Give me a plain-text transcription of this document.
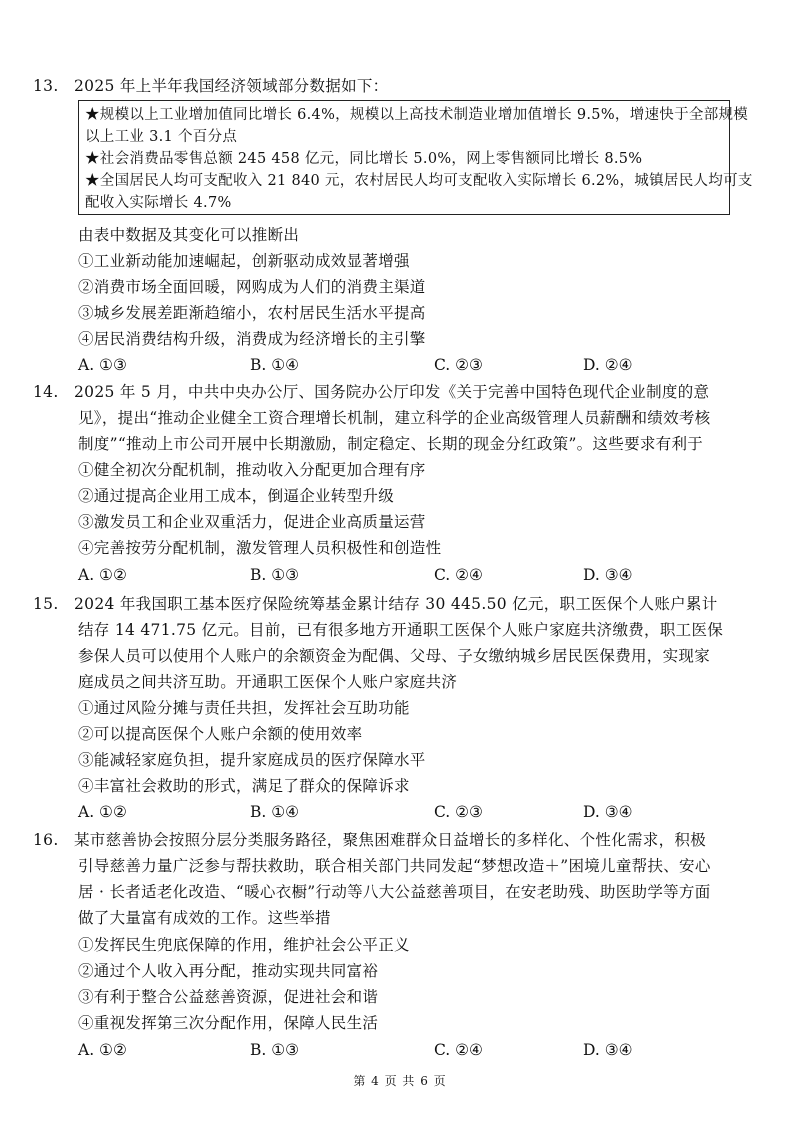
13. 2025 年上半年我国经济领域部分数据如下：
★规模以上工业增加值同比增长 6.4%，规模以上高技术制造业增加值增长 9.5%，增速快于全部规模
以上工业 3.1 个百分点
★社会消费品零售总额 245 458 亿元，同比增长 5.0%，网上零售额同比增长 8.5%
★全国居民人均可支配收入 21 840 元，农村居民人均可支配收入实际增长 6.2%，城镇居民人均可支
配收入实际增长 4.7%
由表中数据及其变化可以推断出
①工业新动能加速崛起，创新驱动成效显著增强
②消费市场全面回暖，网购成为人们的消费主渠道
③城乡发展差距渐趋缩小，农村居民生活水平提高
④居民消费结构升级，消费成为经济增长的主引擎
A. ①③	B. ①④	C. ②③	D. ②④
14. 2025 年 5 月，中共中央办公厅、国务院办公厅印发《关于完善中国特色现代企业制度的意
见》，提出“推动企业健全工资合理增长机制，建立科学的企业高级管理人员薪酬和绩效考核
制度”“推动上市公司开展中长期激励，制定稳定、长期的现金分红政策”。这些要求有利于
①健全初次分配机制，推动收入分配更加合理有序
②通过提高企业用工成本，倒逼企业转型升级
③激发员工和企业双重活力，促进企业高质量运营
④完善按劳分配机制，激发管理人员积极性和创造性
A. ①②	B. ①③	C. ②④	D. ③④
15. 2024 年我国职工基本医疗保险统筹基金累计结存 30 445.50 亿元，职工医保个人账户累计
结存 14 471.75 亿元。目前，已有很多地方开通职工医保个人账户家庭共济缴费，职工医保
参保人员可以使用个人账户的余额资金为配偶、父母、子女缴纳城乡居民医保费用，实现家
庭成员之间共济互助。开通职工医保个人账户家庭共济
①通过风险分摊与责任共担，发挥社会互助功能
②可以提高医保个人账户余额的使用效率
③能减轻家庭负担，提升家庭成员的医疗保障水平
④丰富社会救助的形式，满足了群众的保障诉求
A. ①②	B. ①④	C. ②③	D. ③④
16. 某市慈善协会按照分层分类服务路径，聚焦困难群众日益增长的多样化、个性化需求，积极
引导慈善力量广泛参与帮扶救助，联合相关部门共同发起“梦想改造＋”困境儿童帮扶、安心
居 · 长者适老化改造、“暖心衣橱”行动等八大公益慈善项目，在安老助残、助医助学等方面
做了大量富有成效的工作。这些举措
①发挥民生兜底保障的作用，维护社会公平正义
②通过个人收入再分配，推动实现共同富裕
③有利于整合公益慈善资源，促进社会和谐
④重视发挥第三次分配作用，保障人民生活
A. ①②	B. ①③	C. ②④	D. ③④
第 4 页 共 6 页
